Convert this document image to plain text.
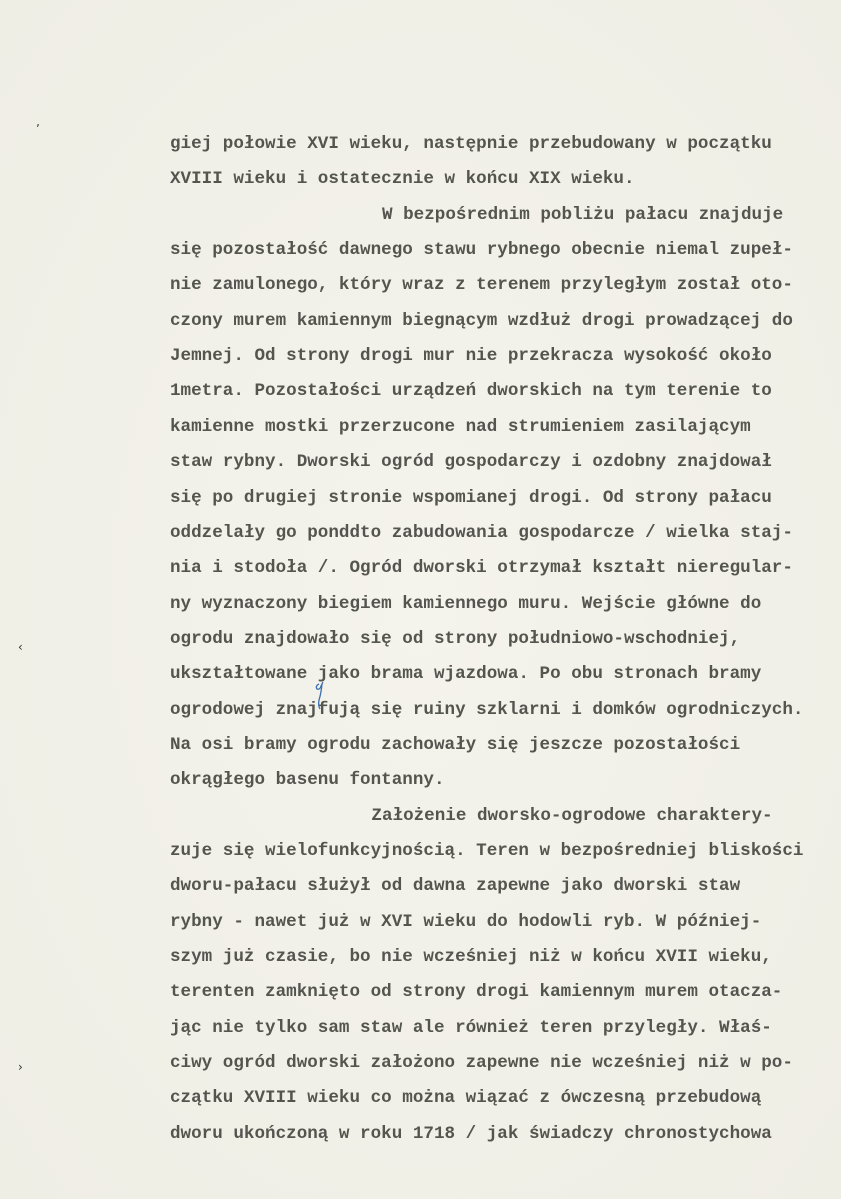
giej połowie XVI wieku, następnie przebudowany w początku
XVIII wieku i ostatecznie w końcu XIX wieku.
W bezpośrednim pobliżu pałacu znajduje
się pozostałość dawnego stawu rybnego obecnie niemal zupeł-
nie zamulonego, który wraz z terenem przyległym został oto-
czony murem kamiennym biegnącym wzdłuż drogi prowadzącej do
Jemnej. Od strony drogi mur nie przekracza wysokość około
1metra. Pozostałości urządzeń dworskich na tym terenie to
kamienne mostki przerzucone nad strumieniem zasilającym
staw rybny. Dworski ogród gospodarczy i ozdobny znajdował
się po drugiej stronie wspomianej drogi. Od strony pałacu
oddzelały go ponddto zabudowania gospodarcze / wielka staj-
nia i stodoła /. Ogród dworski otrzymał kształt nieregular-
ny wyznaczony biegiem kamiennego muru. Wejście główne do
ogrodu znajdowało się od strony południowo-wschodniej,
ukształtowane jako brama wjazdowa. Po obu stronach bramy
ogrodowej znajfują się ruiny szklarni i domków ogrodniczych.
Na osi bramy ogrodu zachowały się jeszcze pozostałości
okrągłego basenu fontanny.
Założenie dworsko-ogrodowe charaktery-
zuje się wielofunkcyjnością. Teren w bezpośredniej bliskości
dworu-pałacu służył od dawna zapewne jako dworski staw
rybny - nawet już w XVI wieku do hodowli ryb. W później-
szym już czasie, bo nie wcześniej niż w końcu XVII wieku,
terenten zamknięto od strony drogi kamiennym murem otacza-
jąc nie tylko sam staw ale również teren przyległy. Właś-
ciwy ogród dworski założono zapewne nie wcześniej niż w po-
czątku XVIII wieku co można wiązać z ówczesną przebudową
dworu ukończoną w roku 1718 / jak świadczy chronostychowa
ʼ
‹
›
